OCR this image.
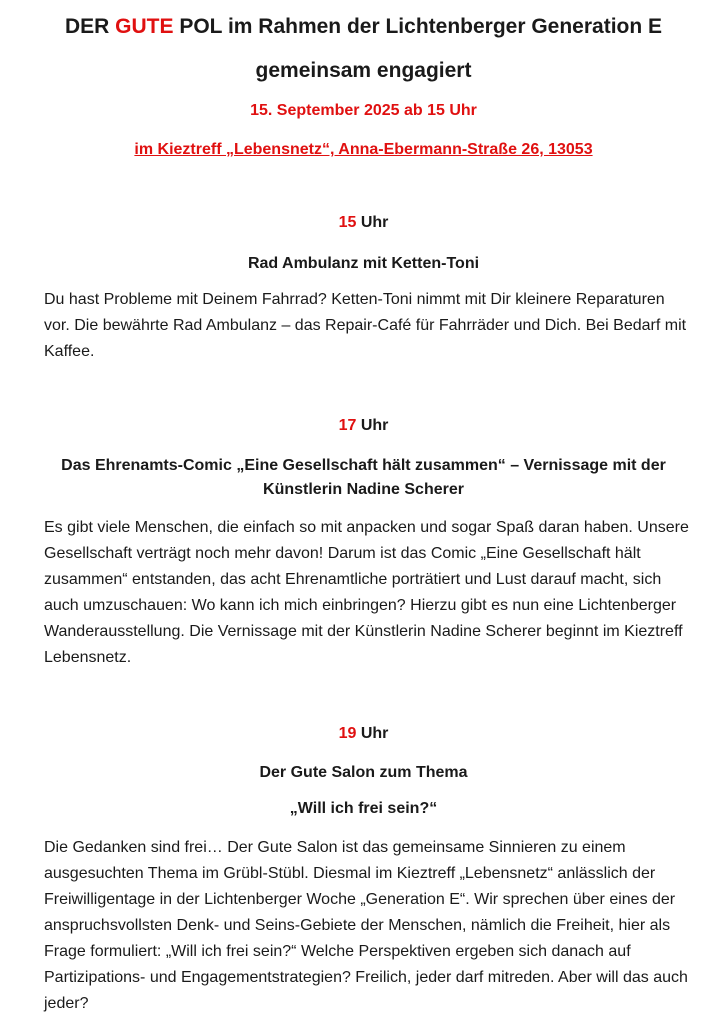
DER GUTE POL im Rahmen der Lichtenberger Generation E
gemeinsam engagiert
15. September 2025 ab 15 Uhr
im Kieztreff „Lebensnetz“, Anna-Ebermann-Straße 26, 13053
15 Uhr
Rad Ambulanz mit Ketten-Toni

Du hast Probleme mit Deinem Fahrrad? Ketten-Toni nimmt mit Dir kleinere Reparaturen vor. Die bewährte Rad Ambulanz – das Repair-Café für Fahrräder und Dich. Bei Bedarf mit Kaffee.

17 Uhr
Das Ehrenamts-Comic „Eine Gesellschaft hält zusammen“ – Vernissage mit der Künstlerin Nadine Scherer

Es gibt viele Menschen, die einfach so mit anpacken und sogar Spaß daran haben. Unsere Gesellschaft verträgt noch mehr davon! Darum ist das Comic „Eine Gesellschaft hält zusammen“ entstanden, das acht Ehrenamtliche porträtiert und Lust darauf macht, sich auch umzuschauen: Wo kann ich mich einbringen? Hierzu gibt es nun eine Lichtenberger Wanderausstellung. Die Vernissage mit der Künstlerin Nadine Scherer beginnt im Kieztreff Lebensnetz.

19 Uhr
Der Gute Salon zum Thema
„Will ich frei sein?“

Die Gedanken sind frei… Der Gute Salon ist das gemeinsame Sinnieren zu einem ausgesuchten Thema im Grübl-Stübl. Diesmal im Kieztreff „Lebensnetz“ anlässlich der Freiwilligentage in der Lichtenberger Woche „Generation E“. Wir sprechen über eines der anspruchsvollsten Denk- und Seins-Gebiete der Menschen, nämlich die Freiheit, hier als Frage formuliert: „Will ich frei sein?“ Welche Perspektiven ergeben sich danach auf Partizipations- und Engagementstrategien? Freilich, jeder darf mitreden. Aber will das auch jeder?
